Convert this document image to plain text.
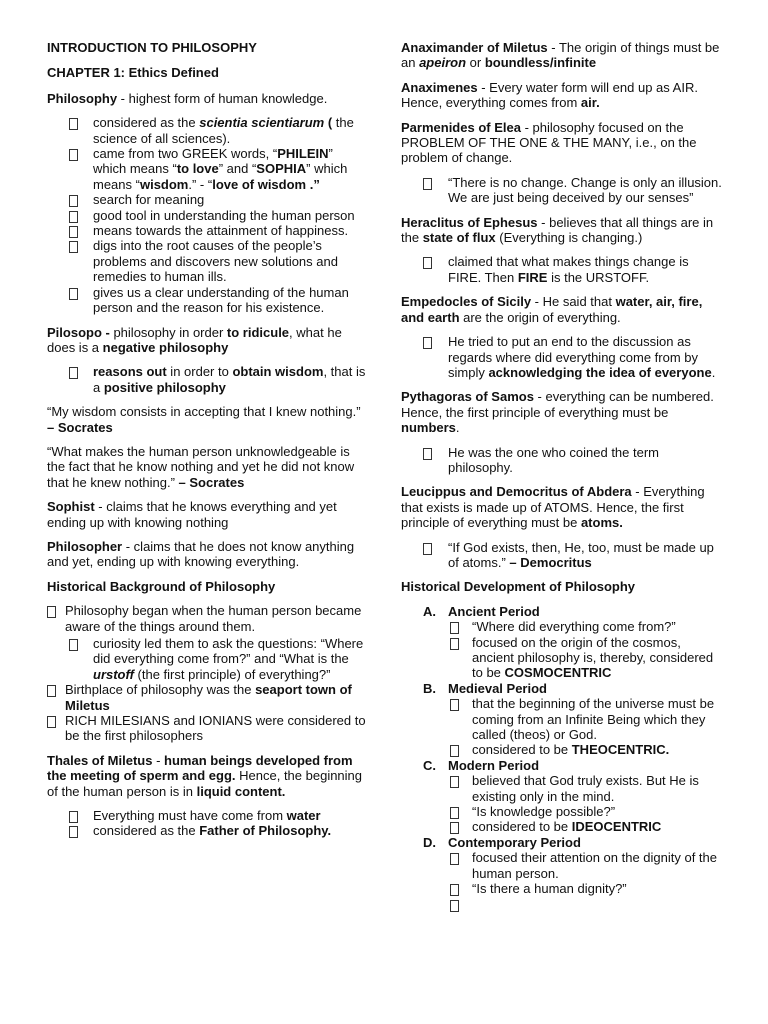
INTRODUCTION TO PHILOSOPHY

CHAPTER 1: Ethics Defined

Philosophy - highest form of human knowledge.

considered as the scientia scientiarum ( the science of all sciences).
came from two GREEK words, “PHILEIN” which means “to love” and “SOPHIA” which means “wisdom.” - “love of wisdom .”
search for meaning
good tool in understanding the human person
means towards the attainment of happiness.
digs into the root causes of the people’s problems and discovers new solutions and remedies to human ills.
gives us a clear understanding of the human person and the reason for his existence.

Pilosopo - philosophy in order to ridicule, what he does is a negative philosophy

reasons out in order to obtain wisdom, that is a positive philosophy

“My wisdom consists in accepting that I knew nothing.” – Socrates

“What makes the human person unknowledgeable is the fact that he know nothing and yet he did not know that he knew nothing.” – Socrates

Sophist - claims that he knows everything and yet ending up with knowing nothing

Philosopher - claims that he does not know anything and yet, ending up with knowing everything.

Historical Background of Philosophy

Philosophy began when the human person became aware of the things around them.
curiosity led them to ask the questions: “Where did everything come from?” and “What is the urstoff (the first principle) of everything?”
Birthplace of philosophy was the seaport town of Miletus
RICH MILESIANS and IONIANS were considered to be the first philosophers

Thales of Miletus - human beings developed from the meeting of sperm and egg. Hence, the beginning of the human person is in liquid content.

Everything must have come from water
considered as the Father of Philosophy.

Anaximander of Miletus - The origin of things must be an apeiron or boundless/infinite

Anaximenes - Every water form will end up as AIR. Hence, everything comes from air.

Parmenides of Elea - philosophy focused on the PROBLEM OF THE ONE & THE MANY, i.e., on the problem of change.

“There is no change. Change is only an illusion. We are just being deceived by our senses”

Heraclitus of Ephesus - believes that all things are in the state of flux (Everything is changing.)

claimed that what makes things change is FIRE. Then FIRE is the URSTOFF.

Empedocles of Sicily - He said that water, air, fire, and earth are the origin of everything.

He tried to put an end to the discussion as regards where did everything come from by simply acknowledging the idea of everyone.

Pythagoras of Samos - everything can be numbered. Hence, the first principle of everything must be numbers.

He was the one who coined the term philosophy.

Leucippus and Democritus of Abdera - Everything that exists is made up of ATOMS. Hence, the first principle of everything must be atoms.

“If God exists, then, He, too, must be made up of atoms.” – Democritus

Historical Development of Philosophy

A. Ancient Period
“Where did everything come from?”
focused on the origin of the cosmos, ancient philosophy is, thereby, considered to be COSMOCENTRIC
B. Medieval Period
that the beginning of the universe must be coming from an Infinite Being which they called (theos) or God.
considered to be THEOCENTRIC.
C. Modern Period
believed that God truly exists. But He is existing only in the mind.
“Is knowledge possible?”
considered to be IDEOCENTRIC
D. Contemporary Period
focused their attention on the dignity of the human person.
“Is there a human dignity?”
